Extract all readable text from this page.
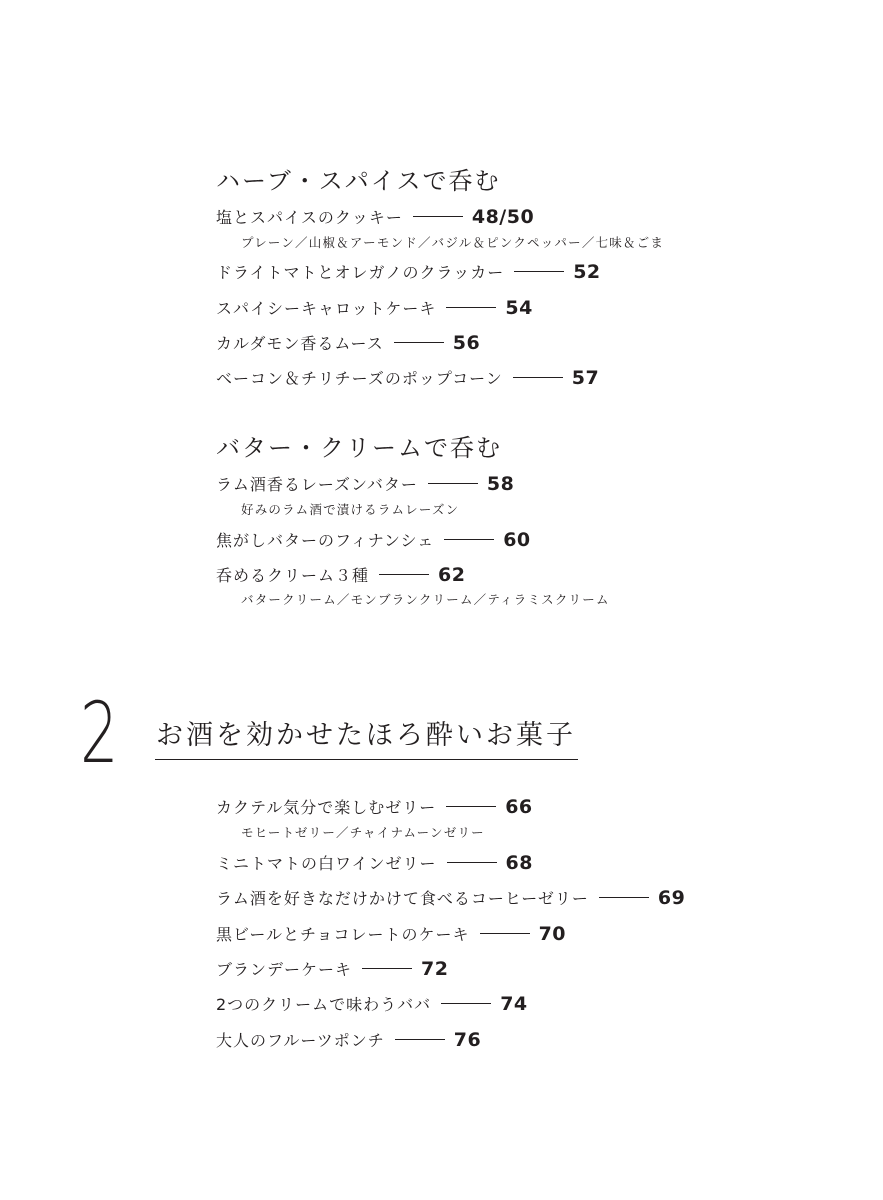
ハーブ・スパイスで呑む
塩とスパイスのクッキー	48/50
プレーン／山椒＆アーモンド／バジル＆ピンクペッパー／七味＆ごま
ドライトマトとオレガノのクラッカー	52
スパイシーキャロットケーキ	54
カルダモン香るムース	56
ベーコン＆チリチーズのポップコーン	57
バター・クリームで呑む
ラム酒香るレーズンバター	58
好みのラム酒で漬けるラムレーズン
焦がしバターのフィナンシェ	60
呑めるクリーム３種	62
バタークリーム／モンブランクリーム／ティラミスクリーム
2 お酒を効かせたほろ酔いお菓子
カクテル気分で楽しむゼリー	66
モヒートゼリー／チャイナムーンゼリー
ミニトマトの白ワインゼリー	68
ラム酒を好きなだけかけて食べるコーヒーゼリー	69
黒ビールとチョコレートのケーキ	70
ブランデーケーキ	72
2つのクリームで味わうババ	74
大人のフルーツポンチ	76
